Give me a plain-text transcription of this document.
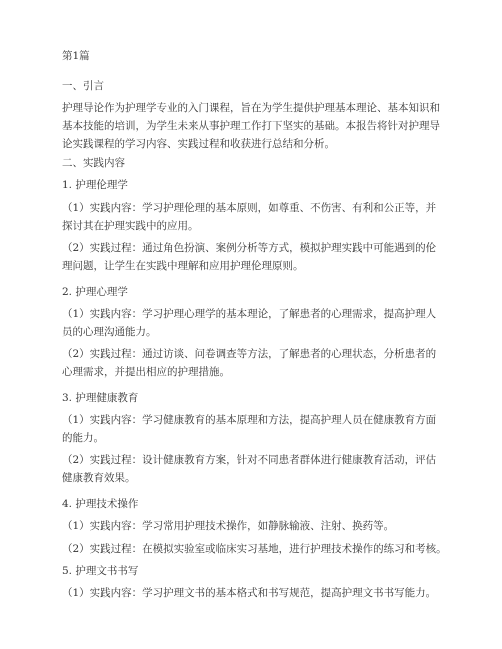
第1篇
一、引言
护理导论作为护理学专业的入门课程，旨在为学生提供护理基本理论、基本知识和
基本技能的培训，为学生未来从事护理工作打下坚实的基础。本报告将针对护理导
论实践课程的学习内容、实践过程和收获进行总结和分析。
二、实践内容
1. 护理伦理学
（1）实践内容：学习护理伦理的基本原则，如尊重、不伤害、有利和公正等，并
探讨其在护理实践中的应用。
（2）实践过程：通过角色扮演、案例分析等方式，模拟护理实践中可能遇到的伦
理问题，让学生在实践中理解和应用护理伦理原则。
2. 护理心理学
（1）实践内容：学习护理心理学的基本理论，了解患者的心理需求，提高护理人
员的心理沟通能力。
（2）实践过程：通过访谈、问卷调查等方法，了解患者的心理状态，分析患者的
心理需求，并提出相应的护理措施。
3. 护理健康教育
（1）实践内容：学习健康教育的基本原理和方法，提高护理人员在健康教育方面
的能力。
（2）实践过程：设计健康教育方案，针对不同患者群体进行健康教育活动，评估
健康教育效果。
4. 护理技术操作
（1）实践内容：学习常用护理技术操作，如静脉输液、注射、换药等。
（2）实践过程：在模拟实验室或临床实习基地，进行护理技术操作的练习和考核。
5. 护理文书书写
（1）实践内容：学习护理文书的基本格式和书写规范，提高护理文书书写能力。
